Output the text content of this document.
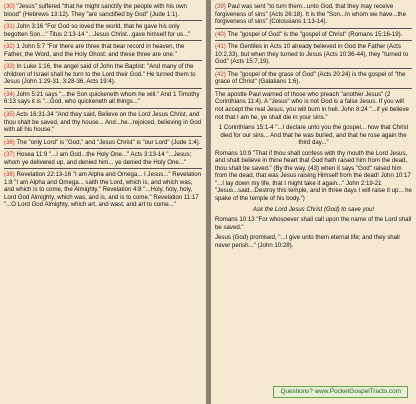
(30) "Jesus" suffered "that he might sanctify the people with his own blood" (Hebrews 13:12). They "are sanctified by God" (Jude 1:1).
(31) John 3:16 "For God so loved the world, that he gave his only begotten Son..." Titus 2:13-14 "...Jesus Christ...gave himself for us..."
(32) 1 John 5:7 "For there are three that bear record in heaven, the Father, the Word, and the Holy Ghost: and these three are one."
(33) In Luke 1:16, the angel said of John the Baptist: "And many of the children of Israel shall he turn to the Lord their God." He turned them to Jesus (John 1:29-31, 3:28-36, Acts 19:4).
(34) John 5:21 says "...the Son quickeneth whom he will." And 1 Timothy 6:13 says it is "...God, who quickeneth all things..."
(35) Acts 16:31-34 "And they said, Believe on the Lord Jesus Christ, and thou shalt be saved, and thy house... And...he...rejoiced, believing in God with all his house."
(36) The "only Lord" is "God," and "Jesus Christ" is "our Lord" (Jude 1:4).
(37) Hosea 11:9 "...I am God...the Holy One..." Acts 3:13-14 "...Jesus; whom ye delivered up, and denied him... ye denied the Holy One..."
(38) Revelation 22:13-16 "I am Alpha and Omega... I Jesus..." Revelation 1:8 "I am Alpha and Omega... saith the Lord, which is, and which was, and which is to come, the Almighty." Revelation 4:8 "...Holy, holy, holy, Lord God Almighty, which was, and is, and is to come." Revelation 11:17 "...O Lord God Almighty, which art, and wast, and art to come..."
(39) Paul was sent "to turn them...unto God, that they may receive forgiveness of sins" (Acts 26:18). It is the "Son...In whom we have...the forgiveness of sins" (Colossians 1:13-14).
(40) The "gospel of God" is the "gospel of Christ" (Romans 15:16-19).
(41) The Gentiles in Acts 10 already believed in God the Father (Acts 10:2,33), but when they turned to Jesus (Acts 10:36-44), they "turned to God" (Acts 15:7,19).
(42) The "gospel of the grace of God" (Acts 20:24) is the gospel of "the grace of Christ" (Galatians 1:6).
The apostle Paul warned of those who preach "another Jesus" (2 Corinthians 11:4). A "Jesus" who is not God is a false Jesus. If you will not accept the real Jesus, you will burn in hell. John 8:24 "...if ye believe not that I am he, ye shall die in your sins."
1 Corinthians 15:1-4 "...I declare unto you the gospel... how that Christ died for our sins... And that he was buried, and that he rose again the third day..."
Romans 10:9 "That if thou shalt confess with thy mouth the Lord Jesus, and shalt believe in thine heart that God hath raised him from the dead, thou shalt be saved." (By the way, (43) when it says "God" raised him from the dead, that was Jesus raising Himself from the dead! John 10:17 "...I lay down my life, that I might take it again..." John 2:19-21 "Jesus...said...Destroy this temple, and in three days I will raise it up... he spake of the temple of his body.")
Ask the Lord Jesus Christ (God) to save you!
Romans 10:13 "For whosoever shall call upon the name of the Lord shall be saved."
Jesus (God) promised, "...I give unto them eternal life; and they shall never perish..." (John 10:28).
Questions? www.PocketGospelTracts.com
